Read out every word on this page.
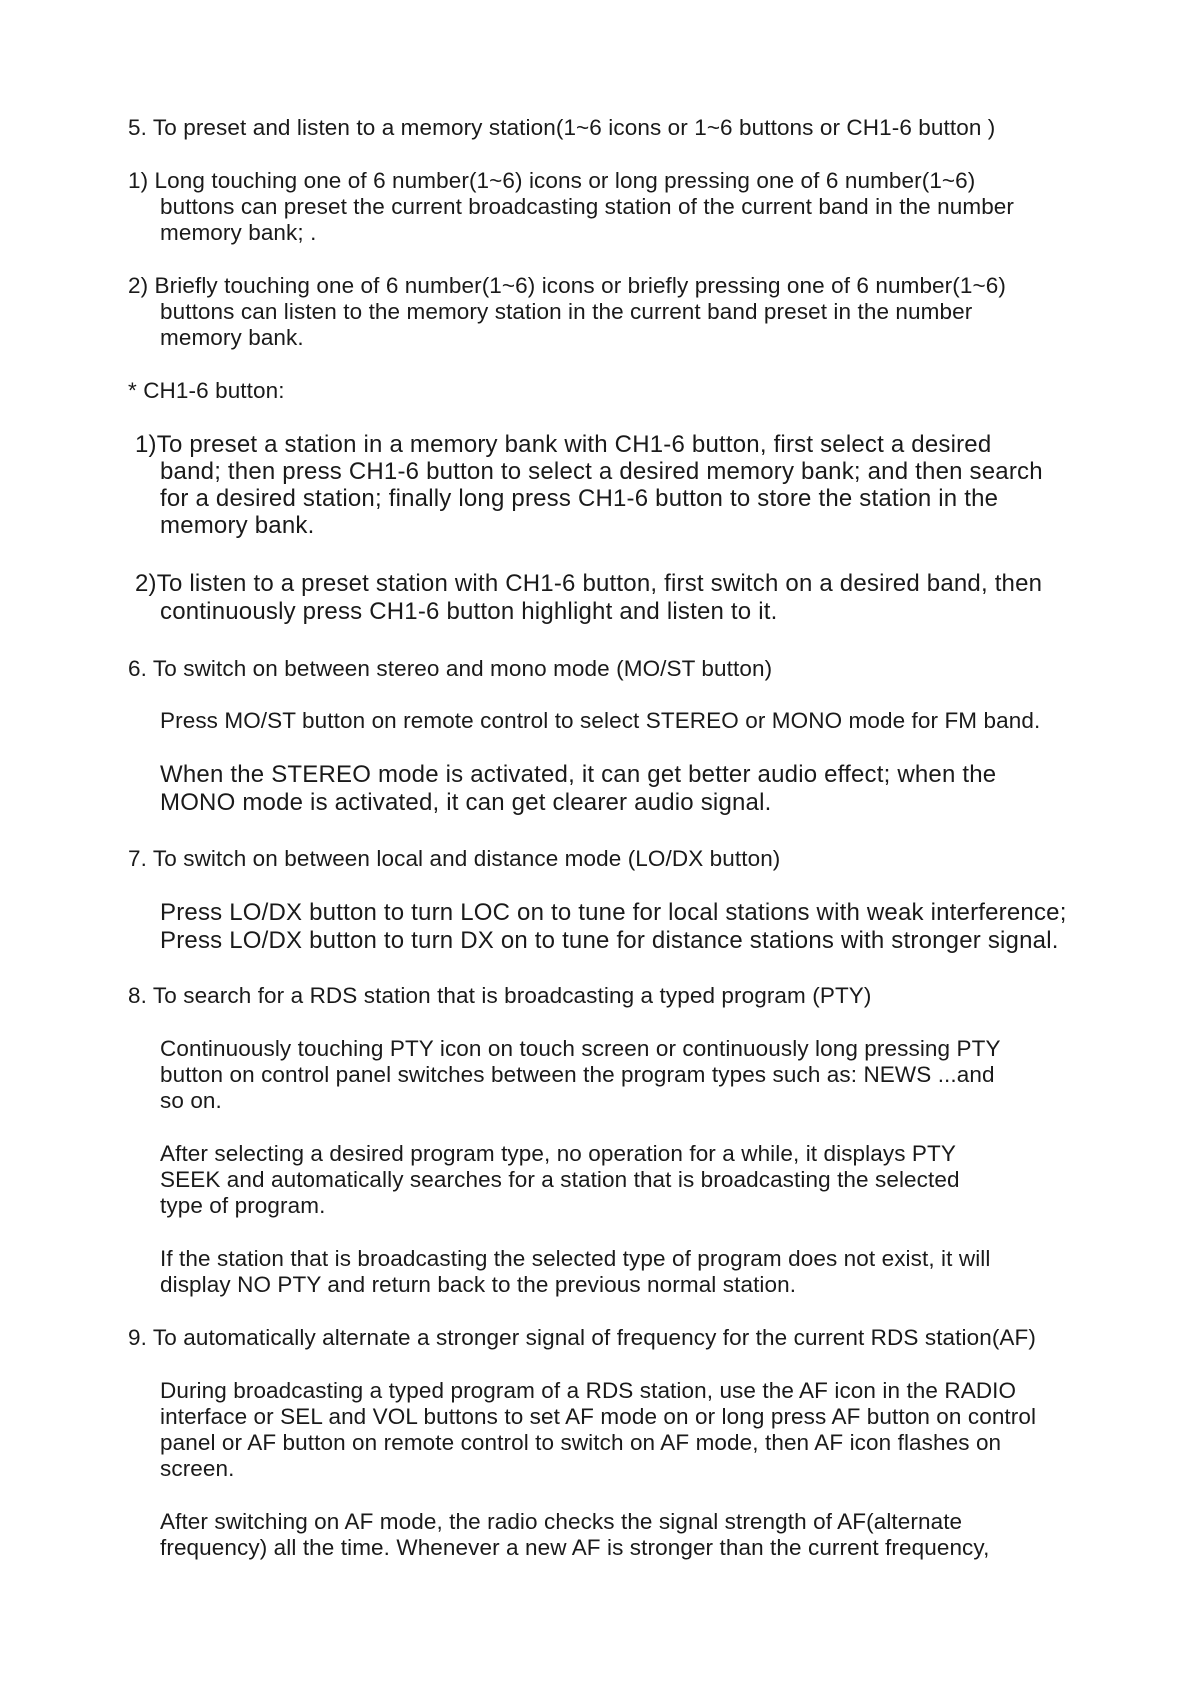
5. To preset and listen to a memory station(1~6 icons or 1~6 buttons or CH1-6 button )
1) Long touching one of 6 number(1~6) icons or long pressing one of 6 number(1~6)
buttons can preset the current broadcasting station of the current band in the number
memory bank; .
2) Briefly touching one of 6 number(1~6) icons or briefly pressing one of 6 number(1~6)
buttons can listen to the memory station in the current band preset in the number
memory bank.
* CH1-6 button:
1)To preset a station in a memory bank with CH1-6 button, first select a desired
band; then press CH1-6 button to select a desired memory bank; and then search
for a desired station; finally long press CH1-6 button to store the station in the
memory bank.
2)To listen to a preset station with CH1-6 button, first switch on a desired band, then
continuously press CH1-6 button highlight and listen to it.
6. To switch on between stereo and mono mode (MO/ST button)
Press MO/ST button on remote control to select STEREO or MONO mode for FM band.
When the STEREO mode is activated, it can get better audio effect; when the
MONO mode is activated, it can get clearer audio signal.
7. To switch on between local and distance mode (LO/DX button)
Press LO/DX button to turn LOC on to tune for local stations with weak interference;
Press LO/DX button to turn DX on to tune for distance stations with stronger signal.
8. To search for a RDS station that is broadcasting a typed program (PTY)
Continuously touching PTY icon on touch screen or continuously long pressing PTY
button on control panel switches between the program types such as: NEWS ...and
so on.
After selecting a desired program type, no operation for a while, it displays PTY
SEEK and automatically searches for a station that is broadcasting the selected
type of program.
If the station that is broadcasting the selected type of program does not exist, it will
display NO PTY and return back to the previous normal station.
9. To automatically alternate a stronger signal of frequency for the current RDS station(AF)
During broadcasting a typed program of a RDS station, use the AF icon in the RADIO
interface or SEL and VOL buttons to set AF mode on or long press AF button on control
panel or AF button on remote control to switch on AF mode, then AF icon flashes on
screen.
After switching on AF mode, the radio checks the signal strength of AF(alternate
frequency) all the time. Whenever a new AF is stronger than the current frequency,
